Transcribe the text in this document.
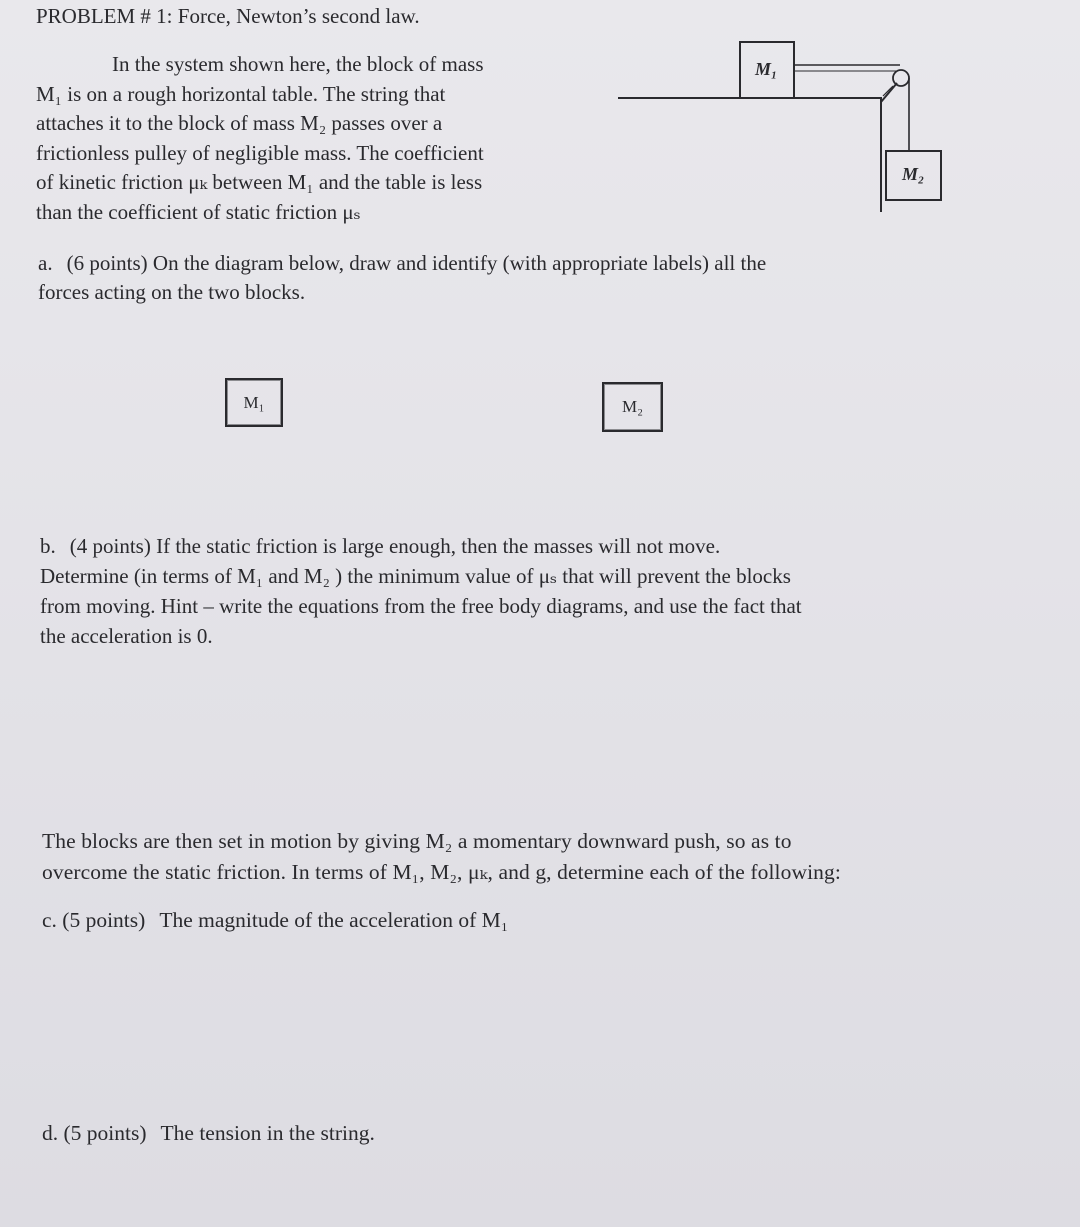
PROBLEM # 1: Force, Newton’s second law.
In the system shown here, the block of mass
M₁ is on a rough horizontal table. The string that
attaches it to the block of mass M₂ passes over a
frictionless pulley of negligible mass. The coefficient
of kinetic friction μₖ between M₁ and the table is less
than the coefficient of static friction μₛ
M₁
M₂
a. (6 points) On the diagram below, draw and identify (with appropriate labels) all the
forces acting on the two blocks.
M₁	M₂
b. (4 points) If the static friction is large enough, then the masses will not move.
Determine (in terms of M₁ and M₂ ) the minimum value of μₛ that will prevent the blocks
from moving. Hint – write the equations from the free body diagrams, and use the fact that
the acceleration is 0.
The blocks are then set in motion by giving M₂ a momentary downward push, so as to
overcome the static friction. In terms of M₁, M₂, μₖ, and g, determine each of the following:
c. (5 points) The magnitude of the acceleration of M₁
d. (5 points) The tension in the string.
